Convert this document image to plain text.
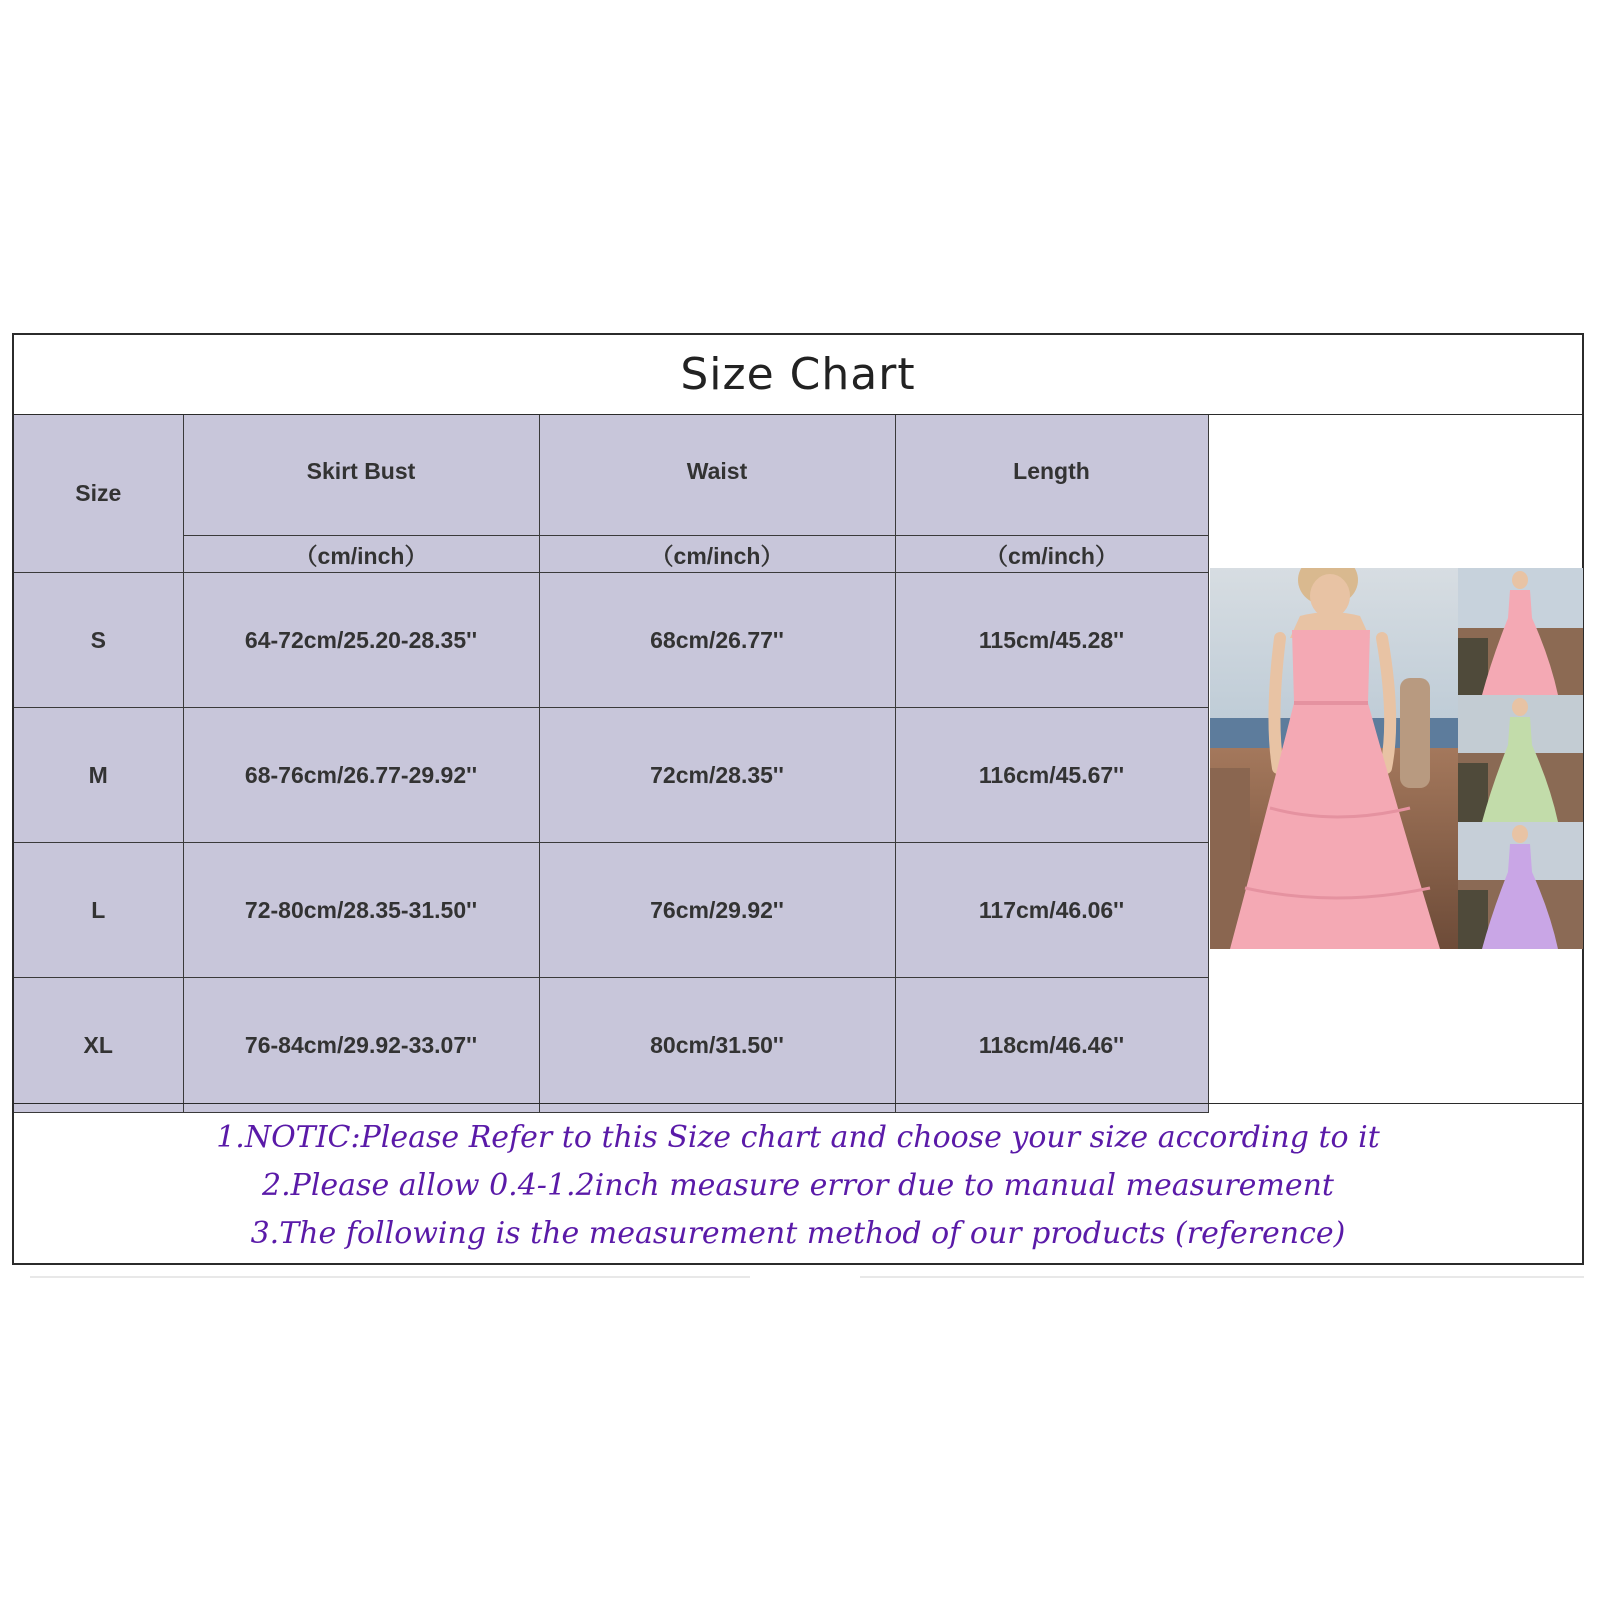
Size Chart
Size	Skirt Bust	Waist	Length
	（cm/inch）	（cm/inch）	（cm/inch）
S	64-72cm/25.20-28.35''	68cm/26.77''	115cm/45.28''
M	68-76cm/26.77-29.92''	72cm/28.35''	116cm/45.67''
L	72-80cm/28.35-31.50''	76cm/29.92''	117cm/46.06''
XL	76-84cm/29.92-33.07''	80cm/31.50''	118cm/46.46''
1.NOTIC:Please Refer to this Size chart and choose your size according to it
2.Please allow 0.4-1.2inch measure error due to manual measurement
3.The following is the measurement method of our products (reference)
